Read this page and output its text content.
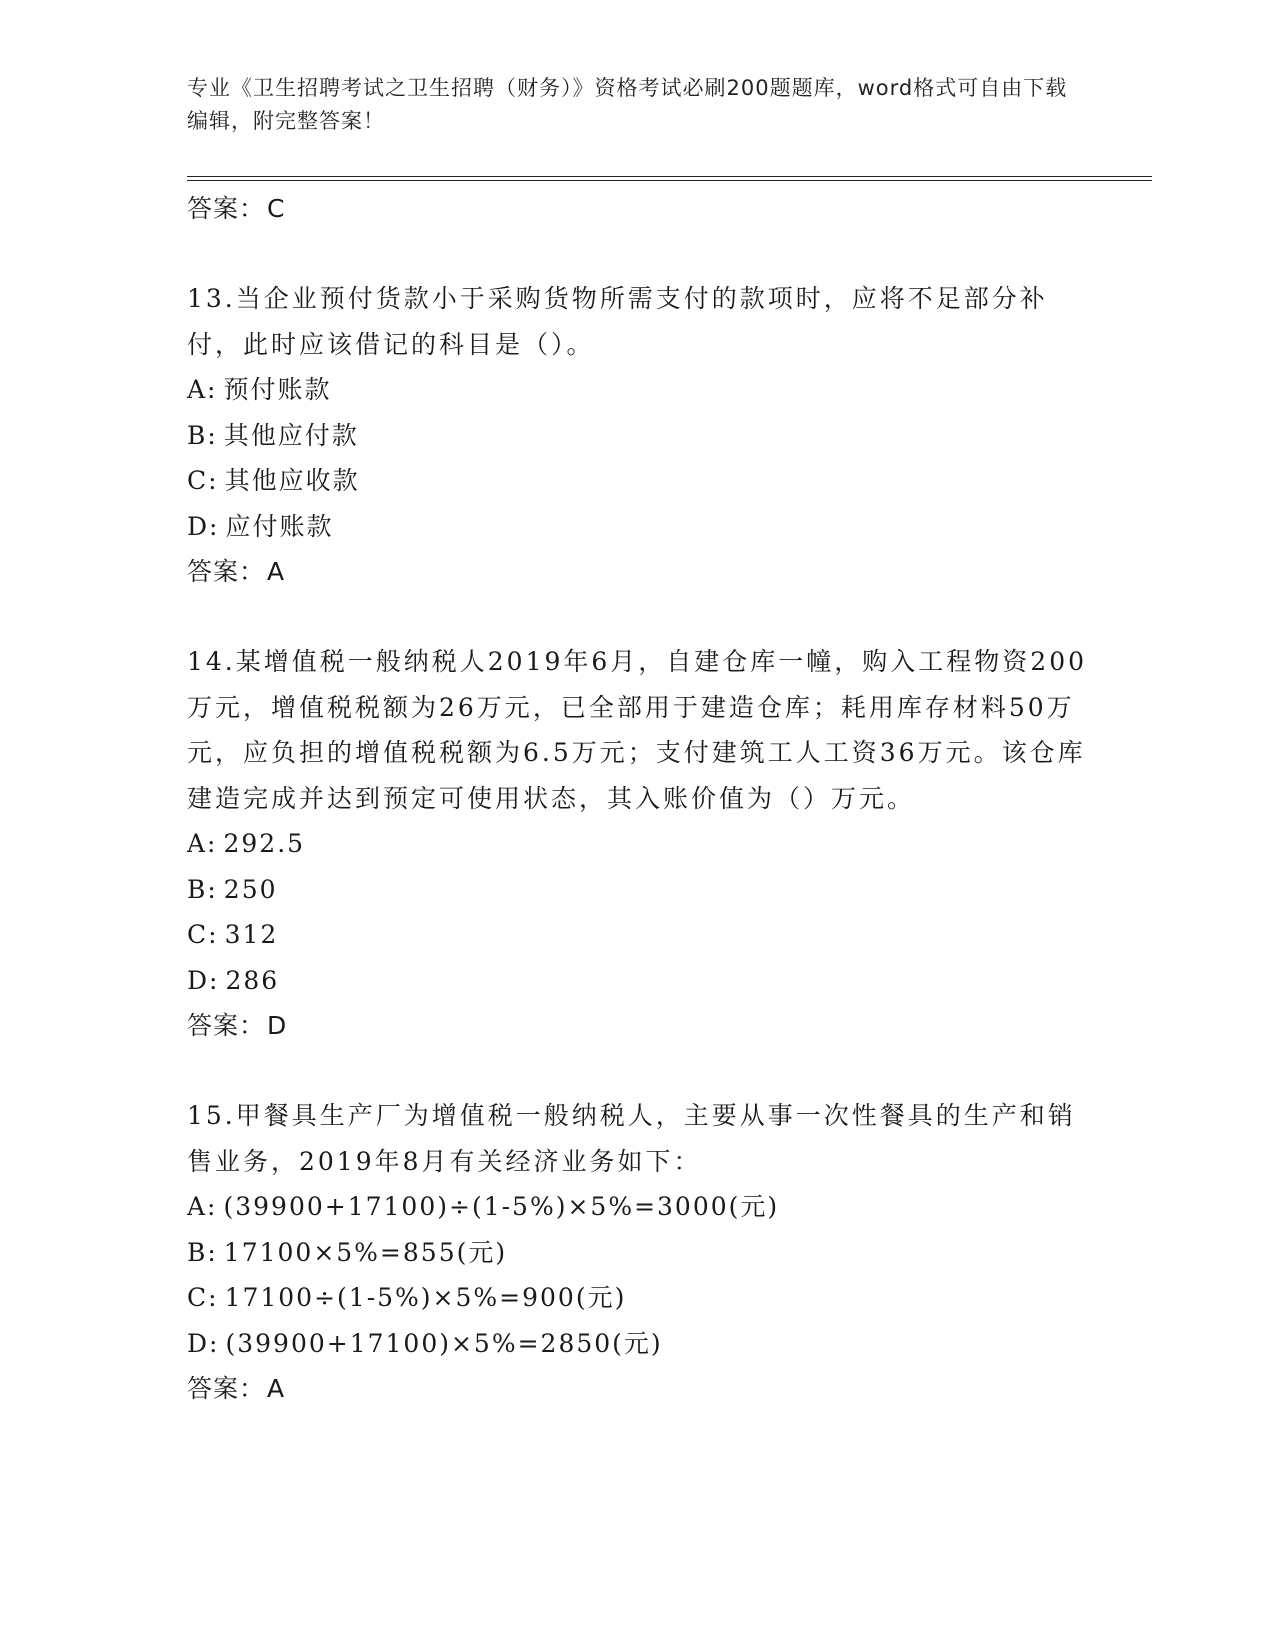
专业《卫生招聘考试之卫生招聘（财务）》资格考试必刷200题题库，word格式可自由下载编辑，附完整答案！
答案：C

13.当企业预付货款小于采购货物所需支付的款项时，应将不足部分补付，此时应该借记的科目是（）。

A: 预付账款
B: 其他应付款
C: 其他应收款
D: 应付账款
答案：A

14.某增值税一般纳税人2019年6月，自建仓库一幢，购入工程物资200万元，增值税税额为26万元，已全部用于建造仓库；耗用库存材料50万元，应负担的增值税税额为6.5万元；支付建筑工人工资36万元。该仓库建造完成并达到预定可使用状态，其入账价值为（）万元。

A: 292.5
B: 250
C: 312
D: 286
答案：D

15.甲餐具生产厂为增值税一般纳税人，主要从事一次性餐具的生产和销售业务，2019年8月有关经济业务如下：

A: (39900+17100)÷(1-5%)×5%=3000(元)
B: 17100×5%=855(元)
C: 17100÷(1-5%)×5%=900(元)
D: (39900+17100)×5%=2850(元)
答案：A
